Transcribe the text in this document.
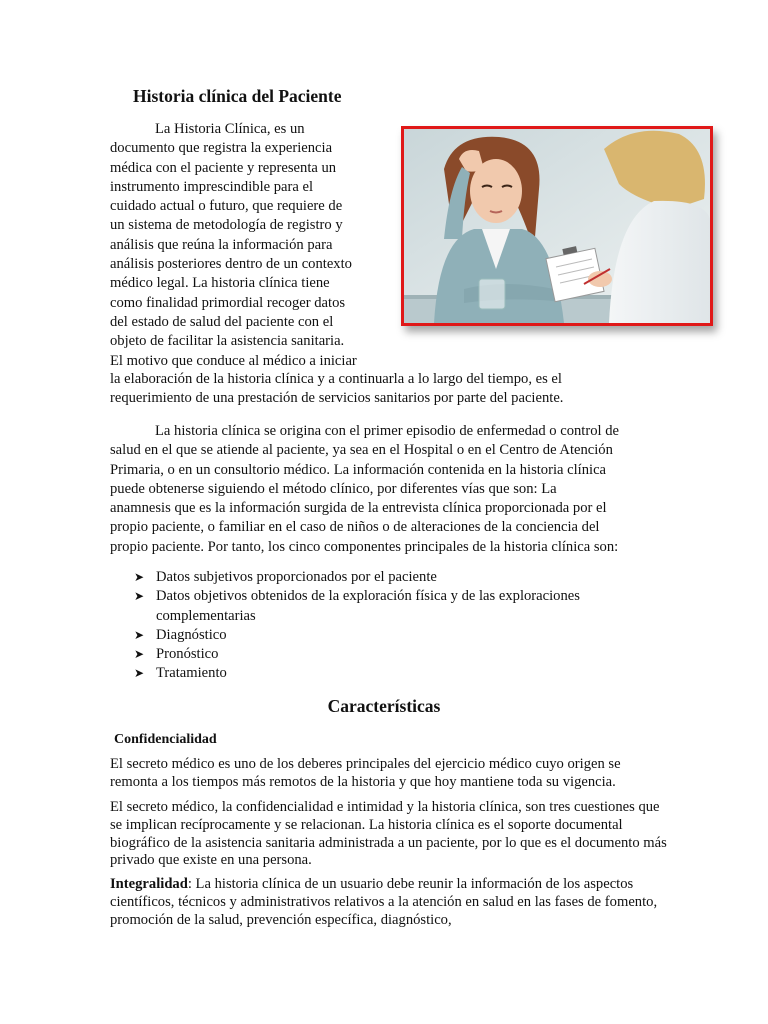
Historia clínica del Paciente

La Historia Clínica, es un

documento que registra la experiencia

médica con el paciente y representa un

instrumento imprescindible para el

cuidado actual o futuro, que requiere de

un sistema de metodología de registro y

análisis que reúna la información para

análisis posteriores dentro de un contexto

médico legal. La historia clínica tiene

como finalidad primordial recoger datos

del estado de salud del paciente con el

objeto de facilitar la asistencia sanitaria.

El motivo que conduce al médico a iniciar

la elaboración de la historia clínica y a continuarla a lo largo del tiempo, es el

requerimiento de una prestación de servicios sanitarios por parte del paciente.

La historia clínica se origina con el primer episodio de enfermedad o control de

salud en el que se atiende al paciente, ya sea en el Hospital o en el Centro de Atención

Primaria, o en un consultorio médico. La información contenida en la historia clínica

puede obtenerse siguiendo el método clínico, por diferentes vías que son: La

anamnesis que es la información surgida de la entrevista clínica proporcionada por el

propio paciente, o familiar en el caso de niños o de alteraciones de la conciencia del

propio paciente. Por tanto, los cinco componentes principales de la historia clínica son:

➤ Datos subjetivos proporcionados por el paciente
➤ Datos objetivos obtenidos de la exploración física y de las exploraciones
complementarias
➤ Diagnóstico
➤ Pronóstico
➤ Tratamiento
Características
Confidencialidad

El secreto médico es uno de los deberes principales del ejercicio médico cuyo origen se remonta a los tiempos más remotos de la historia y que hoy mantiene toda su vigencia.

El secreto médico, la confidencialidad e intimidad y la historia clínica, son tres cuestiones que se implican recíprocamente y se relacionan. La historia clínica es el soporte documental biográfico de la asistencia sanitaria administrada a un paciente, por lo que es el documento más privado que existe en una persona.

Integralidad: La historia clínica de un usuario debe reunir la información de los aspectos científicos, técnicos y administrativos relativos a la atención en salud en las fases de fomento, promoción de la salud, prevención específica, diagnóstico,
